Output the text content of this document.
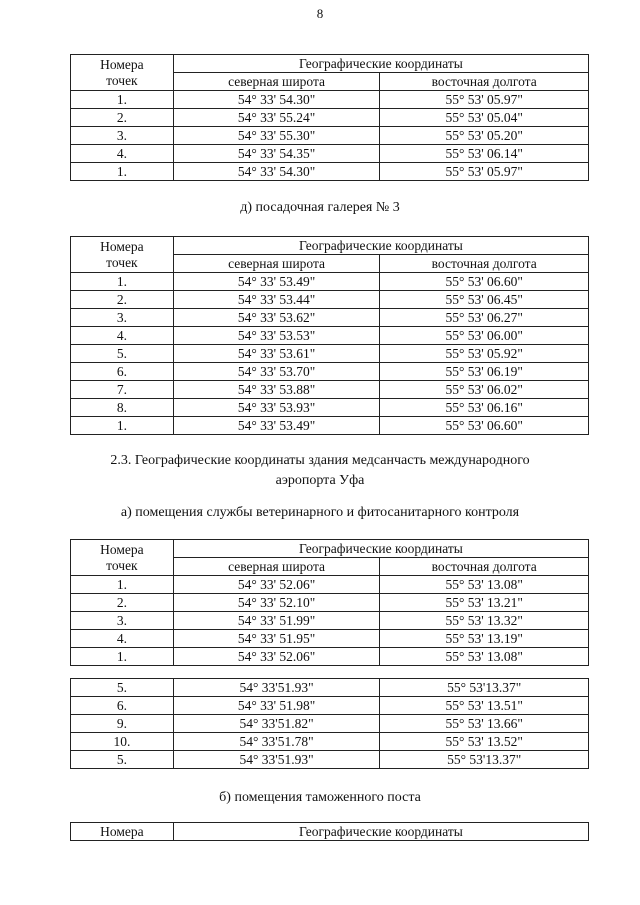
8
Номера
точек	Географические координаты	
	северная широта	восточная долгота
1.	54° 33' 54.30"	55° 53' 05.97"
2.	54° 33' 55.24"	55° 53' 05.04"
3.	54° 33' 55.30"	55° 53' 05.20"
4.	54° 33' 54.35"	55° 53' 06.14"
1.	54° 33' 54.30"	55° 53' 05.97"
д) посадочная галерея № 3
Номера
точек	Географические координаты	
	северная широта	восточная долгота
1.	54° 33' 53.49"	55° 53' 06.60"
2.	54° 33' 53.44"	55° 53' 06.45"
3.	54° 33' 53.62"	55° 53' 06.27"
4.	54° 33' 53.53"	55° 53' 06.00"
5.	54° 33' 53.61"	55° 53' 05.92"
6.	54° 33' 53.70"	55° 53' 06.19"
7.	54° 33' 53.88"	55° 53' 06.02"
8.	54° 33' 53.93"	55° 53' 06.16"
1.	54° 33' 53.49"	55° 53' 06.60"
2.3. Географические координаты здания медсанчасть международного
аэропорта Уфа
а) помещения службы ветеринарного и фитосанитарного контроля
Номера
точек	Географические координаты	
	северная широта	восточная долгота
1.	54° 33' 52.06"	55° 53' 13.08"
2.	54° 33' 52.10"	55° 53' 13.21"
3.	54° 33' 51.99"	55° 53' 13.32"
4.	54° 33' 51.95"	55° 53' 13.19"
1.	54° 33' 52.06"	55° 53' 13.08"
5.	54° 33'51.93"	55° 53'13.37"
6.	54° 33' 51.98"	55° 53' 13.51"
9.	54° 33'51.82"	55° 53' 13.66"
10.	54° 33'51.78"	55° 53' 13.52"
5.	54° 33'51.93"	55° 53'13.37"
б) помещения таможенного поста
Номера	Географические координаты
